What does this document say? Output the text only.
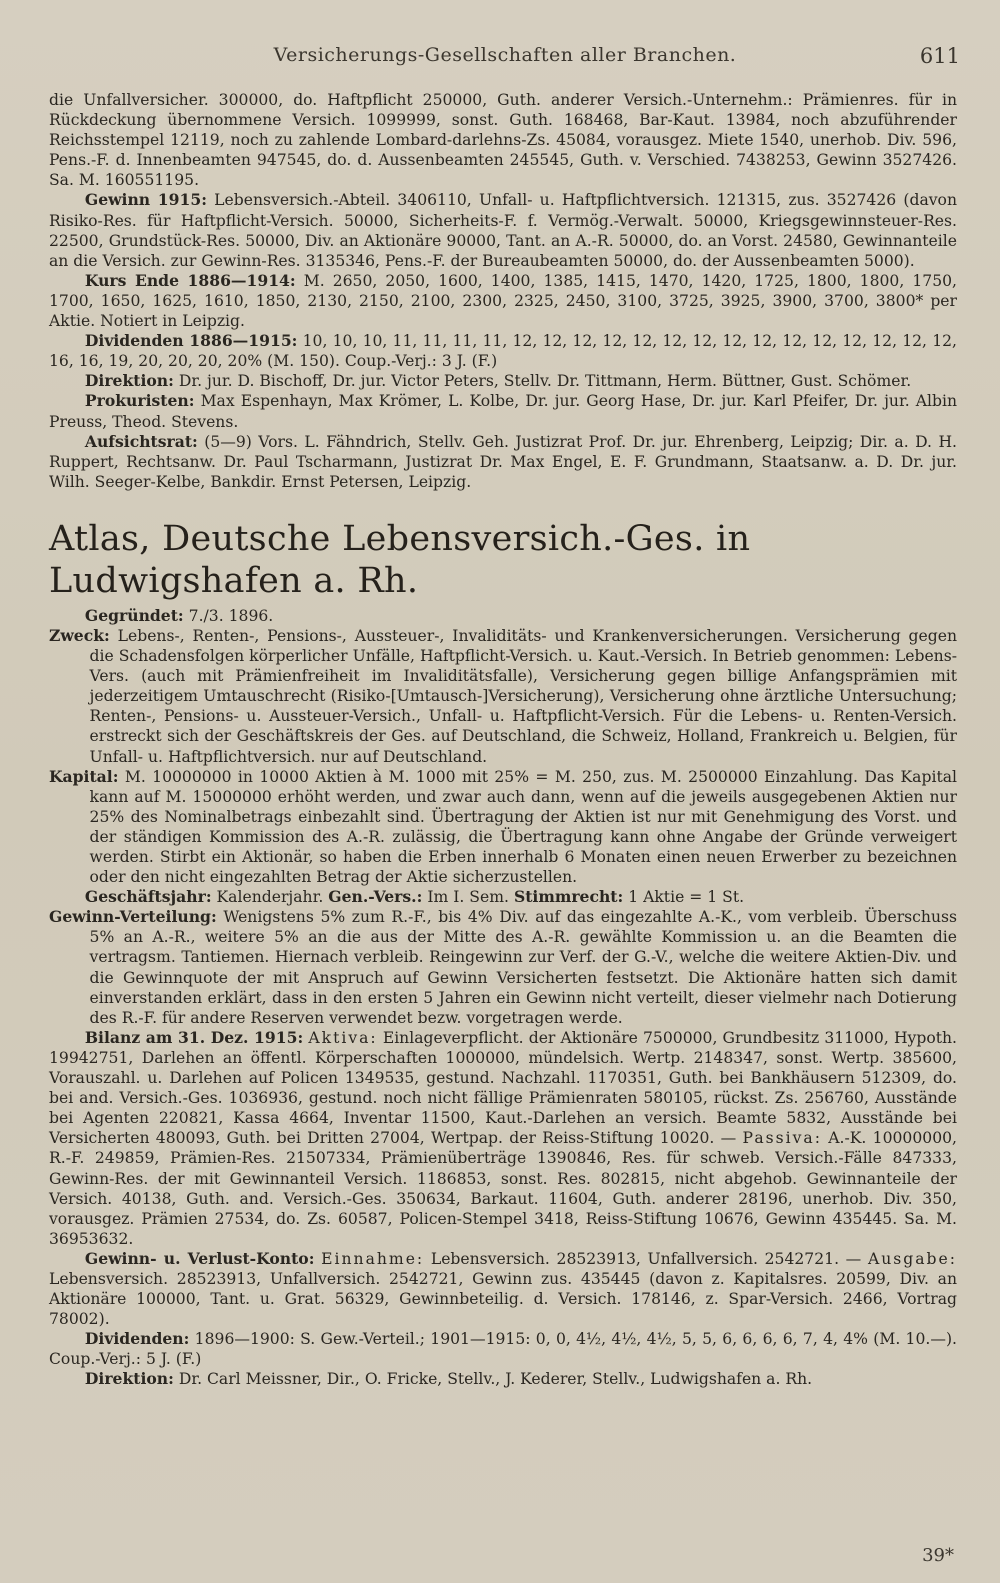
Versicherungs-Gesellschaften aller Branchen.	611

die Unfallversicher. 300000, do. Haftpflicht 250000, Guth. anderer Versich.-Unternehm.: Prämienres. für in Rückdeckung übernommene Versich. 1099999, sonst. Guth. 168468, Bar-Kaut. 13984, noch abzuführender Reichsstempel 12119, noch zu zahlende Lombard-darlehns-Zs. 45084, vorausgez. Miete 1540, unerhob. Div. 596, Pens.-F. d. Innenbeamten 947545, do. d. Aussenbeamten 245545, Guth. v. Verschied. 7438253, Gewinn 3527426. Sa. M. 160551195.

Gewinn 1915: Lebensversich.-Abteil. 3406110, Unfall- u. Haftpflichtversich. 121315, zus. 3527426 (davon Risiko-Res. für Haftpflicht-Versich. 50000, Sicherheits-F. f. Vermög.-Verwalt. 50000, Kriegsgewinnsteuer-Res. 22500, Grundstück-Res. 50000, Div. an Aktionäre 90000, Tant. an A.-R. 50000, do. an Vorst. 24580, Gewinnanteile an die Versich. zur Gewinn-Res. 3135346, Pens.-F. der Bureaubeamten 50000, do. der Aussenbeamten 5000).

Kurs Ende 1886—1914: M. 2650, 2050, 1600, 1400, 1385, 1415, 1470, 1420, 1725, 1800, 1800, 1750, 1700, 1650, 1625, 1610, 1850, 2130, 2150, 2100, 2300, 2325, 2450, 3100, 3725, 3925, 3900, 3700, 3800* per Aktie. Notiert in Leipzig.

Dividenden 1886—1915: 10, 10, 10, 11, 11, 11, 11, 12, 12, 12, 12, 12, 12, 12, 12, 12, 12, 12, 12, 12, 12, 12, 16, 16, 19, 20, 20, 20, 20% (M. 150). Coup.-Verj.: 3 J. (F.)

Direktion: Dr. jur. D. Bischoff, Dr. jur. Victor Peters, Stellv. Dr. Tittmann, Herm. Büttner, Gust. Schömer.

Prokuristen: Max Espenhayn, Max Krömer, L. Kolbe, Dr. jur. Georg Hase, Dr. jur. Karl Pfeifer, Dr. jur. Albin Preuss, Theod. Stevens.

Aufsichtsrat: (5—9) Vors. L. Fähndrich, Stellv. Geh. Justizrat Prof. Dr. jur. Ehrenberg, Leipzig; Dir. a. D. H. Ruppert, Rechtsanw. Dr. Paul Tscharmann, Justizrat Dr. Max Engel, E. F. Grundmann, Staatsanw. a. D. Dr. jur. Wilh. Seeger-Kelbe, Bankdir. Ernst Petersen, Leipzig.

Atlas, Deutsche Lebensversich.-Ges. in Ludwigshafen a. Rh.

Gegründet: 7./3. 1896.

Zweck: Lebens-, Renten-, Pensions-, Aussteuer-, Invaliditäts- und Krankenversicherungen. Versicherung gegen die Schadensfolgen körperlicher Unfälle, Haftpflicht-Versich. u. Kaut.-Versich. In Betrieb genommen: Lebens-Vers. (auch mit Prämienfreiheit im Invaliditätsfalle), Versicherung gegen billige Anfangsprämien mit jederzeitigem Umtauschrecht (Risiko-[Umtausch-]Versicherung), Versicherung ohne ärztliche Untersuchung; Renten-, Pensions- u. Aussteuer-Versich., Unfall- u. Haftpflicht-Versich. Für die Lebens- u. Renten-Versich. erstreckt sich der Geschäftskreis der Ges. auf Deutschland, die Schweiz, Holland, Frankreich u. Belgien, für Unfall- u. Haftpflichtversich. nur auf Deutschland.

Kapital: M. 10000000 in 10000 Aktien à M. 1000 mit 25% = M. 250, zus. M. 2500000 Einzahlung. Das Kapital kann auf M. 15000000 erhöht werden, und zwar auch dann, wenn auf die jeweils ausgegebenen Aktien nur 25% des Nominalbetrags einbezahlt sind. Übertragung der Aktien ist nur mit Genehmigung des Vorst. und der ständigen Kommission des A.-R. zulässig, die Übertragung kann ohne Angabe der Gründe verweigert werden. Stirbt ein Aktionär, so haben die Erben innerhalb 6 Monaten einen neuen Erwerber zu bezeichnen oder den nicht eingezahlten Betrag der Aktie sicherzustellen.

Geschäftsjahr: Kalenderjahr. Gen.-Vers.: Im I. Sem. Stimmrecht: 1 Aktie = 1 St.

Gewinn-Verteilung: Wenigstens 5% zum R.-F., bis 4% Div. auf das eingezahlte A.-K., vom verbleib. Überschuss 5% an A.-R., weitere 5% an die aus der Mitte des A.-R. gewählte Kommission u. an die Beamten die vertragsm. Tantiemen. Hiernach verbleib. Reingewinn zur Verf. der G.-V., welche die weitere Aktien-Div. und die Gewinnquote der mit Anspruch auf Gewinn Versicherten festsetzt. Die Aktionäre hatten sich damit einverstanden erklärt, dass in den ersten 5 Jahren ein Gewinn nicht verteilt, dieser vielmehr nach Dotierung des R.-F. für andere Reserven verwendet bezw. vorgetragen werde.

Bilanz am 31. Dez. 1915: Aktiva: Einlageverpflicht. der Aktionäre 7500000, Grundbesitz 311000, Hypoth. 19942751, Darlehen an öffentl. Körperschaften 1000000, mündelsich. Wertp. 2148347, sonst. Wertp. 385600, Vorauszahl. u. Darlehen auf Policen 1349535, gestund. Nachzahl. 1170351, Guth. bei Bankhäusern 512309, do. bei and. Versich.-Ges. 1036936, gestund. noch nicht fällige Prämienraten 580105, rückst. Zs. 256760, Ausstände bei Agenten 220821, Kassa 4664, Inventar 11500, Kaut.-Darlehen an versich. Beamte 5832, Ausstände bei Versicherten 480093, Guth. bei Dritten 27004, Wertpap. der Reiss-Stiftung 10020. — Passiva: A.-K. 10000000, R.-F. 249859, Prämien-Res. 21507334, Prämienüberträge 1390846, Res. für schweb. Versich.-Fälle 847333, Gewinn-Res. der mit Gewinnanteil Versich. 1186853, sonst. Res. 802815, nicht abgehob. Gewinnanteile der Versich. 40138, Guth. and. Versich.-Ges. 350634, Barkaut. 11604, Guth. anderer 28196, unerhob. Div. 350, vorausgez. Prämien 27534, do. Zs. 60587, Policen-Stempel 3418, Reiss-Stiftung 10676, Gewinn 435445. Sa. M. 36953632.

Gewinn- u. Verlust-Konto: Einnahme: Lebensversich. 28523913, Unfallversich. 2542721. — Ausgabe: Lebensversich. 28523913, Unfallversich. 2542721, Gewinn zus. 435445 (davon z. Kapitalsres. 20599, Div. an Aktionäre 100000, Tant. u. Grat. 56329, Gewinnbeteilig. d. Versich. 178146, z. Spar-Versich. 2466, Vortrag 78002).

Dividenden: 1896—1900: S. Gew.-Verteil.; 1901—1915: 0, 0, 4½, 4½, 4½, 5, 5, 6, 6, 6, 6, 7, 4, 4% (M. 10.—). Coup.-Verj.: 5 J. (F.)

Direktion: Dr. Carl Meissner, Dir., O. Fricke, Stellv., J. Kederer, Stellv., Ludwigshafen a. Rh.

39*
